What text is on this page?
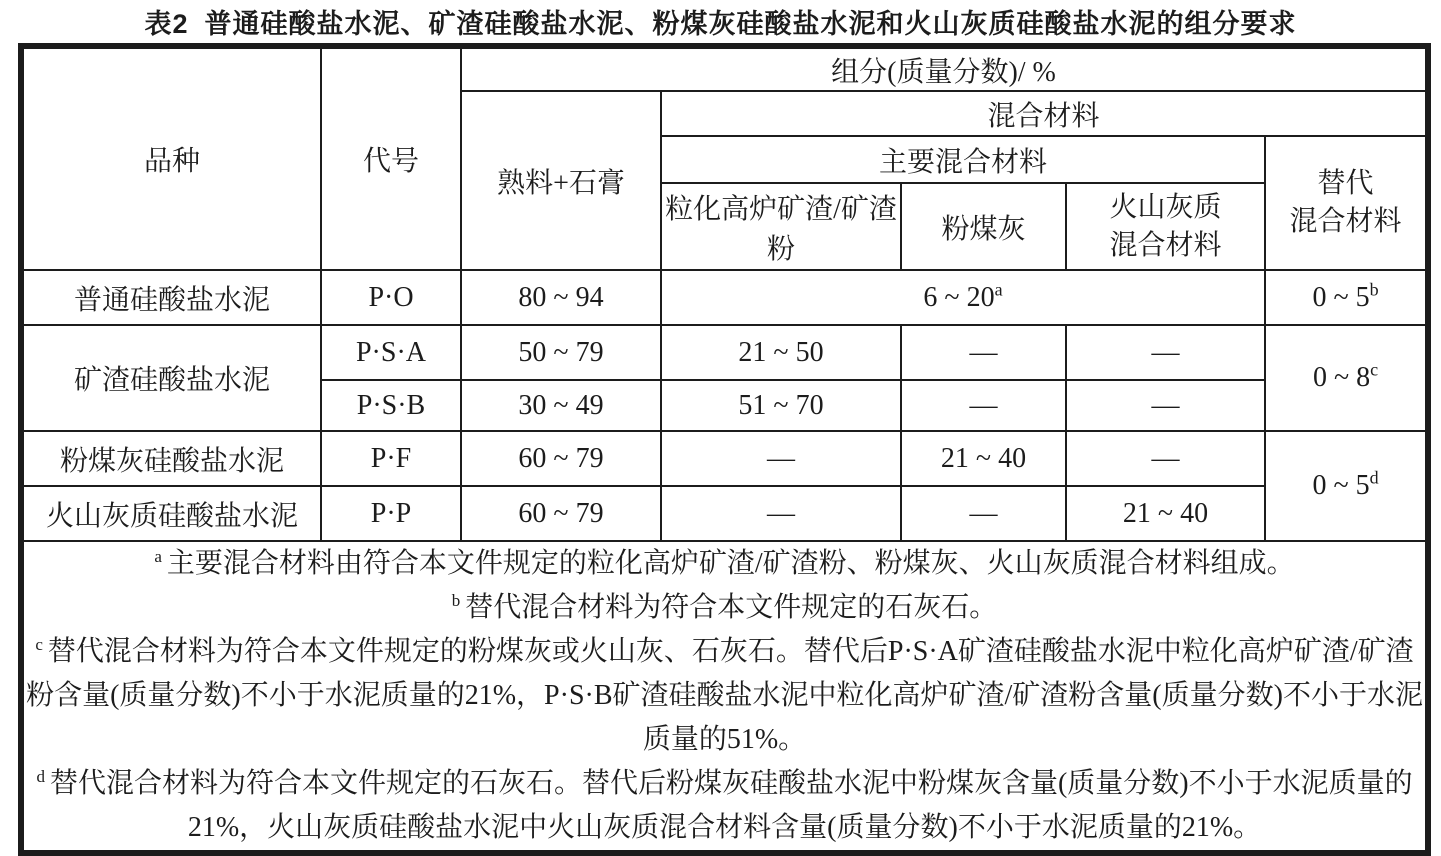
表2 普通硅酸盐水泥、矿渣硅酸盐水泥、粉煤灰硅酸盐水泥和火山灰质硅酸盐水泥的组分要求
品种	代号	组分(质量分数)/ %				
		熟料+石膏	混合材料			
			主要混合材料			替代
混合材料

			粒化高炉矿渣/矿渣粉	粉煤灰	火山灰质
混合材料	

普通硅酸盐水泥	P·O	80 ~ 94	6 ~ 20$^a$			0 ~ 5$^b$
矿渣硅酸盐水泥	P·S·A	50 ~ 79	21 ~ 50	—	—	0 ~ 8$^c$
	P·S·B	30 ~ 49	51 ~ 70	—	—	
粉煤灰硅酸盐水泥	P·F	60 ~ 79	—	21 ~ 40	—	0 ~ 5$^d$
火山灰质硅酸盐水泥	P·P	60 ~ 79	—	—	21 ~ 40	

$^a$ 主要混合材料由符合本文件规定的粒化高炉矿渣/矿渣粉、粉煤灰、火山灰质混合材料组成。
$^b$ 替代混合材料为符合本文件规定的石灰石。
$^c$ 替代混合材料为符合本文件规定的粉煤灰或火山灰、石灰石。替代后P·S·A矿渣硅酸盐水泥中粒化高炉矿渣/矿渣粉含量(质量分数)不小于水泥质量的21%，P·S·B矿渣硅酸盐水泥中粒化高炉矿渣/矿渣粉含量(质量分数)不小于水泥质量的51%。
$^d$ 替代混合材料为符合本文件规定的石灰石。替代后粉煤灰硅酸盐水泥中粉煤灰含量(质量分数)不小于水泥质量的21%，火山灰质硅酸盐水泥中火山灰质混合材料含量(质量分数)不小于水泥质量的21%。						
